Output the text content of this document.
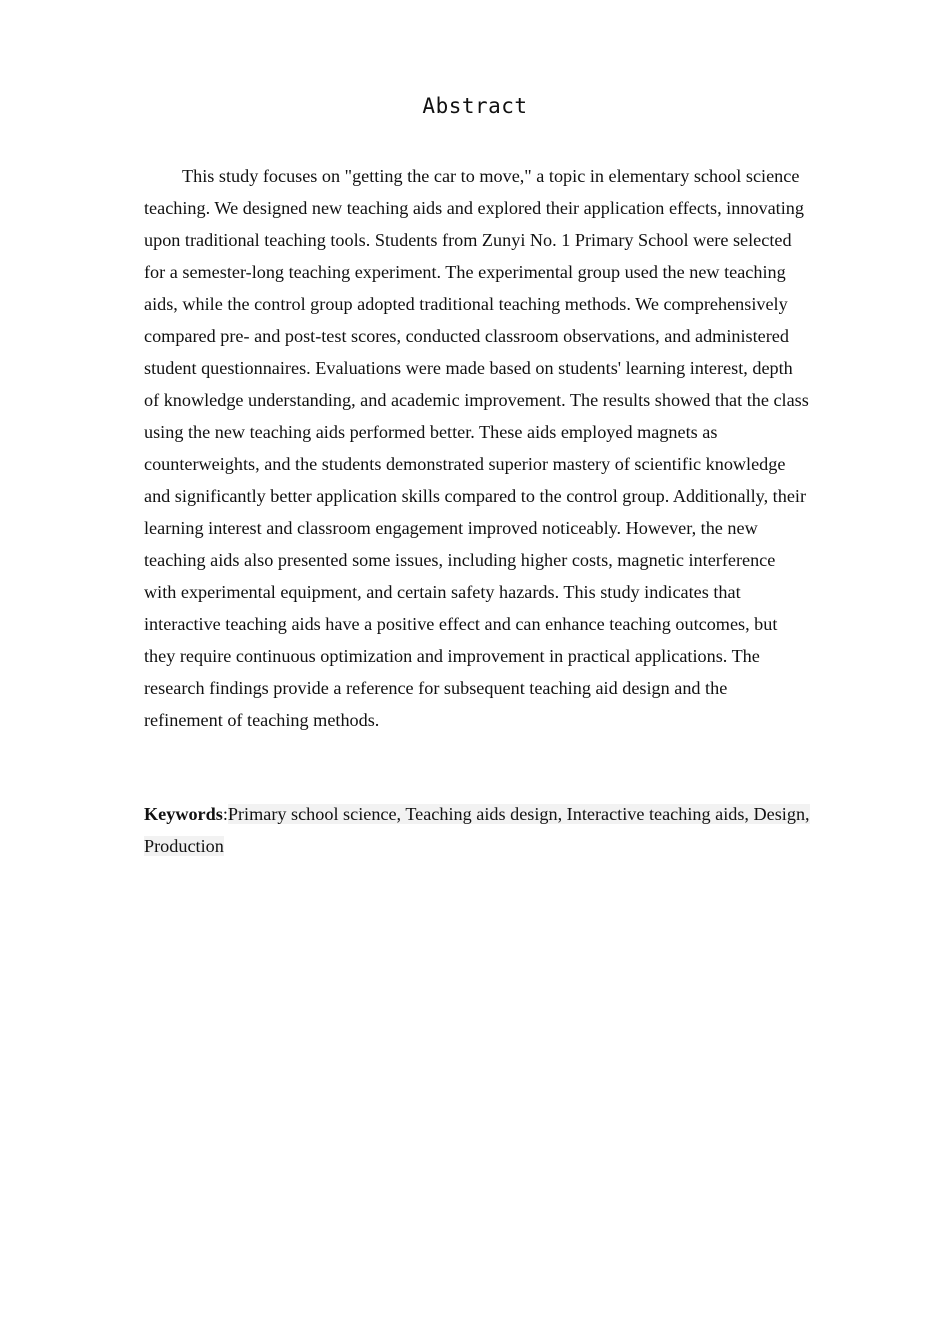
Abstract

This study focuses on "getting the car to move," a topic in elementary school science teaching. We designed new teaching aids and explored their application effects, innovating upon traditional teaching tools. Students from Zunyi No. 1 Primary School were selected for a semester-long teaching experiment. The experimental group used the new teaching aids, while the control group adopted traditional teaching methods. We comprehensively compared pre- and post-test scores, conducted classroom observations, and administered student questionnaires. Evaluations were made based on students' learning interest, depth of knowledge understanding, and academic improvement. The results showed that the class using the new teaching aids performed better. These aids employed magnets as counterweights, and the students demonstrated superior mastery of scientific knowledge and significantly better application skills compared to the control group. Additionally, their learning interest and classroom engagement improved noticeably. However, the new teaching aids also presented some issues, including higher costs, magnetic interference with experimental equipment, and certain safety hazards. This study indicates that interactive teaching aids have a positive effect and can enhance teaching outcomes, but they require continuous optimization and improvement in practical applications. The research findings provide a reference for subsequent teaching aid design and the refinement of teaching methods.

Keywords:Primary school science, Teaching aids design, Interactive teaching aids, Design, Production
